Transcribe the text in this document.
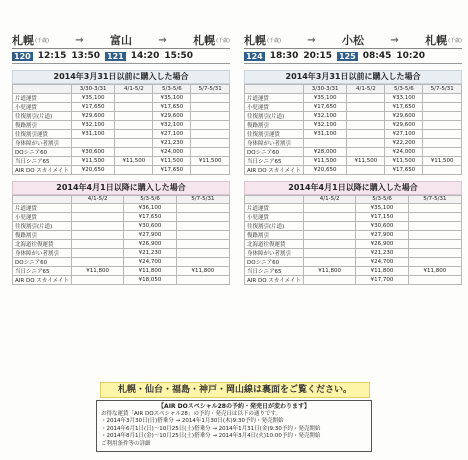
札幌 (千歳)	→	富山	→	札幌 (千歳)
120 12:15 13:50 121 14:20 15:50
2014年3月31日以前に購入した場合
	3/30-3/31	4/1-5/2	5/3-5/6	5/7-5/31
片道運賃	¥35,100		¥35,100	
小児運賃	¥17,650		¥17,650	
往復割引(片道)	¥29,600		¥29,600	
復路割引	¥32,100		¥32,100	
往復割引運賃	¥31,100		¥27,100	
身体障がい者割引			¥21,230	
DOシニア60	¥30,600		¥24,000	
当日シニア65	¥11,500	¥11,500	¥11,500	¥11,500
AIR DO スカイメイト	¥20,650		¥17,650	
2014年4月1日以降に購入した場合
	4/1-5/2	5/3-5/6	5/7-5/31
片道運賃		¥36,100	
小児運賃		¥17,650	
往復割引(片道)		¥30,600	
復路割引		¥27,900	
北海道往復運賃		¥26,900	
身体障がい者割引		¥21,230	
DOシニア60		¥24,700	
当日シニア65	¥11,800	¥11,800	¥11,800
AIR DO スカイメイト		¥18,050	
札幌 (千歳)	→	小松	→	札幌 (千歳)
124 18:30 20:15 125 08:45 10:20
2014年3月31日以前に購入した場合
	3/30-3/31	4/1-5/2	5/3-5/6	5/7-5/31
片道運賃	¥35,100		¥33,100	
小児運賃	¥17,650		¥17,650	
往復割引(片道)	¥32,100		¥29,600	
復路割引	¥32,100		¥29,600	
往復割引運賃	¥31,100		¥27,100	
身体障がい者割引			¥22,200	
DOシニア60	¥28,000		¥24,000	
当日シニア65	¥11,500	¥11,500	¥11,500	¥11,500
AIR DO スカイメイト	¥20,650		¥17,650	
2014年4月1日以降に購入した場合
	4/1-5/2	5/3-5/6	5/7-5/31
片道運賃		¥35,100	
小児運賃		¥17,150	
往復割引(片道)		¥30,600	
復路割引		¥27,900	
北海道往復運賃		¥26,900	
身体障がい者割引		¥21,230	
DOシニア60		¥24,700	
当日シニア65	¥11,800	¥11,800	¥11,800
AIR DO スカイメイト		¥17,700	
札幌・仙台・福島・神戸・岡山線は裏面をご覧ください。
【AIR DOスペシャル28の予約・発売日が変わります】
お得な運賃「AIR DOスペシャル28」の予約・発売日は以下の通りです。
・2014年3月30日(日)搭乗分 → 2014年1月30日(木)9:30予約・発売開始
・2014年6月1日(日)〜10月25日(土)搭乗分 → 2014年1月31日(金)9:30予約・発売開始
・2014年8月1日(金)〜10月25日(土)搭乗分 → 2014年3月4日(火)10:00予約・発売開始
ご利用条件等の詳細
